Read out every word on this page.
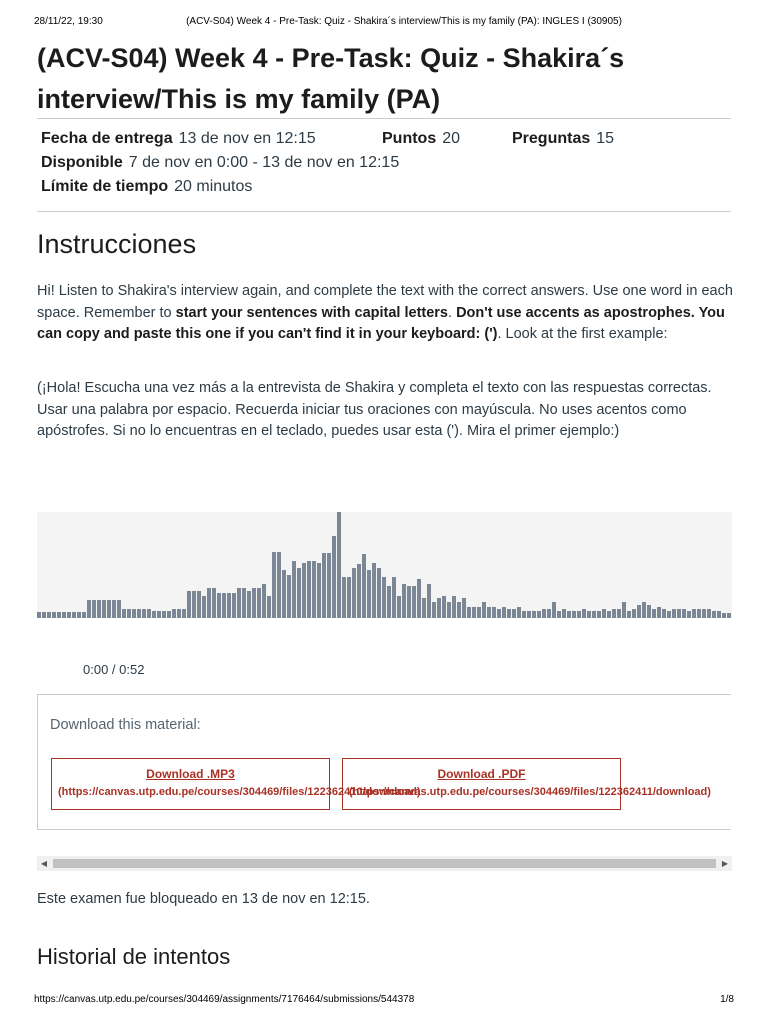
28/11/22, 19:30	(ACV-S04) Week 4 - Pre-Task: Quiz - Shakira´s interview/This is my family (PA): INGLES I (30905)
(ACV-S04) Week 4 - Pre-Task: Quiz - Shakira´s
interview/This is my family (PA)
Fecha de entrega 13 de nov en 12:15	Puntos 20	Preguntas 15
Disponible 7 de nov en 0:00 - 13 de nov en 12:15
Límite de tiempo 20 minutos
Instrucciones

Hi! Listen to Shakira's interview again, and complete the text with the correct answers. Use one word in each space. Remember to start your sentences with capital letters. Don't use accents as apostrophes. You can copy and paste this one if you can't find it in your keyboard: ('). Look at the first example:

(¡Hola! Escucha una vez más a la entrevista de Shakira y completa el texto con las respuestas correctas. Usar una palabra por espacio. Recuerda iniciar tus oraciones con mayúscula. No uses acentos como apóstrofes. Si no lo encuentras en el teclado, puedes usar esta ('). Mira el primer ejemplo:)

0:00 / 0:52
Download this material:
Download .MP3
(https://canvas.utp.edu.pe/courses/304469/files/122362410/download)
Download .PDF
(https://canvas.utp.edu.pe/courses/304469/files/122362411/download)
◀	▶
Este examen fue bloqueado en 13 de nov en 12:15.
Historial de intentos
https://canvas.utp.edu.pe/courses/304469/assignments/7176464/submissions/544378	1/8
